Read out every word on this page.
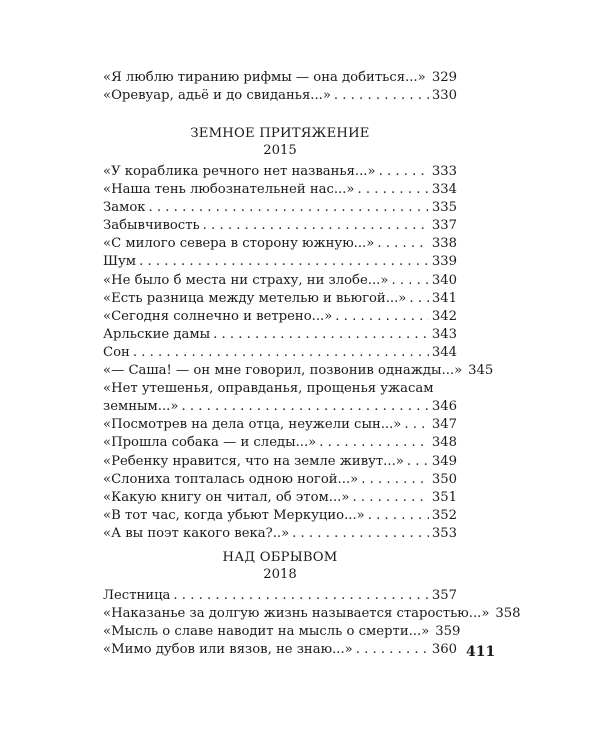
«Я люблю тиранию рифмы — она добиться...» . . . 329
«Оревуар, адьё и до свиданья...» . . .	330
ЗЕМНОЕ ПРИТЯЖЕНИЕ
2015
«У кораблика речного нет названья...» . . .	333
«Наша тень любознательней нас...» . . .	334
Замок . . .	335
Забывчивость . . .	337
«С милого севера в сторону южную...» . . .	338
Шум . . .	339
«Не было б места ни страху, ни злобе...» . . .	340
«Есть разница между метелью и вьюгой...» . . . 341
«Сегодня солнечно и ветрено...» . . .	342
Арльские дамы . . .	343
Сон . . .	344
«— Саша! — он мне говорил, позвонив однажды...» 345
«Нет утешенья, оправданья, прощенья ужасам
земным...» . . .	346
«Посмотрев на дела отца, неужели сын...» . . . 347
«Прошла собака — и следы...» . . .	348
«Ребенку нравится, что на земле живут...» . . . 349
«Слониха топталась одною ногой...» . . .	350
«Какую книгу он читал, об этом...» . . .	351
«В тот час, когда убьют Меркуцио...» . . .	352
«А вы поэт какого века?..» . . .	353
НАД ОБРЫВОМ
2018
Лестница . . .	357
«Наказанье за долгую жизнь называется старостью...» 358
«Мысль о славе наводит на мысль о смерти...» 359
«Мимо дубов или вязов, не знаю...» . . .	360 411
